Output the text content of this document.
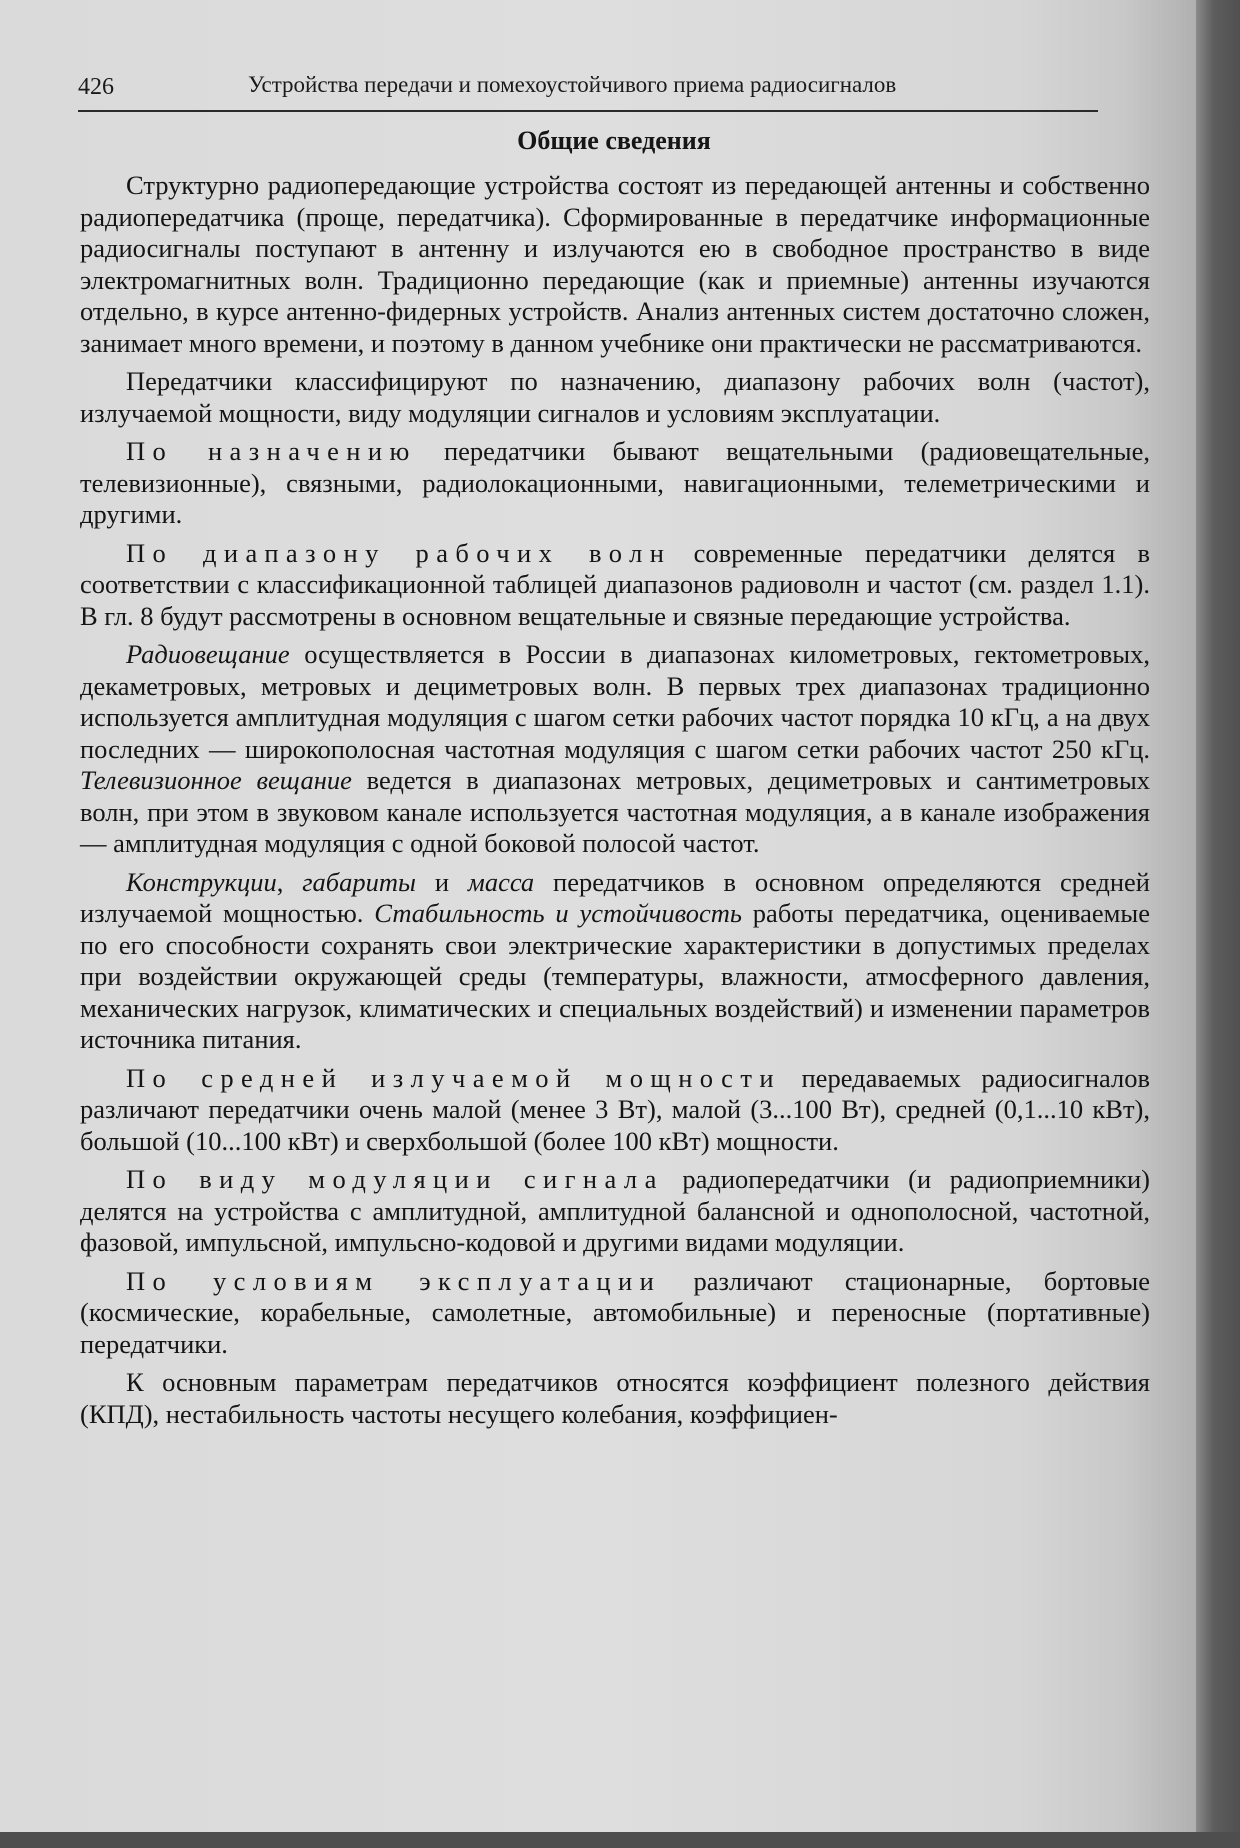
426	Устройства передачи и помехоустойчивого приема радиосигналов
Общие сведения

Структурно радиопередающие устройства состоят из передающей антенны и собственно радиопередатчика (проще, передатчика). Сформированные в передатчике информационные радиосигналы поступают в антенну и излучаются ею в свободное пространство в виде электромагнитных волн. Традиционно передающие (как и приемные) антенны изучаются отдельно, в курсе антенно-фидерных устройств. Анализ антенных систем достаточно сложен, занимает много времени, и поэтому в данном учебнике они практически не рассматриваются.

Передатчики классифицируют по назначению, диапазону рабочих волн (частот), излучаемой мощности, виду модуляции сигналов и условиям эксплуатации.

По назначению передатчики бывают вещательными (радиовещательные, телевизионные), связными, радиолокационными, навигационными, телеметрическими и другими.

По диапазону рабочих волн современные передатчики делятся в соответствии с классификационной таблицей диапазонов радиоволн и частот (см. раздел 1.1). В гл. 8 будут рассмотрены в основном вещательные и связные передающие устройства.

Радиовещание осуществляется в России в диапазонах километровых, гектометровых, декаметровых, метровых и дециметровых волн. В первых трех диапазонах традиционно используется амплитудная модуляция с шагом сетки рабочих частот порядка 10 кГц, а на двух последних — широкополосная частотная модуляция с шагом сетки рабочих частот 250 кГц. Телевизионное вещание ведется в диапазонах метровых, дециметровых и сантиметровых волн, при этом в звуковом канале используется частотная модуляция, а в канале изображения — амплитудная модуляция с одной боковой полосой частот.

Конструкции, габариты и масса передатчиков в основном определяются средней излучаемой мощностью. Стабильность и устойчивость работы передатчика, оцениваемые по его способности сохранять свои электрические характеристики в допустимых пределах при воздействии окружающей среды (температуры, влажности, атмосферного давления, механических нагрузок, климатических и специальных воздействий) и изменении параметров источника питания.

По средней излучаемой мощности передаваемых радиосигналов различают передатчики очень малой (менее 3 Вт), малой (3...100 Вт), средней (0,1...10 кВт), большой (10...100 кВт) и сверхбольшой (более 100 кВт) мощности.

По виду модуляции сигнала радиопередатчики (и радиоприемники) делятся на устройства с амплитудной, амплитудной балансной и однополосной, частотной, фазовой, импульсной, импульсно-кодовой и другими видами модуляции.

По условиям эксплуатации различают стационарные, бортовые (космические, корабельные, самолетные, автомобильные) и переносные (портативные) передатчики.

К основным параметрам передатчиков относятся коэффициент полезного действия (КПД), нестабильность частоты несущего колебания, коэффициен-
